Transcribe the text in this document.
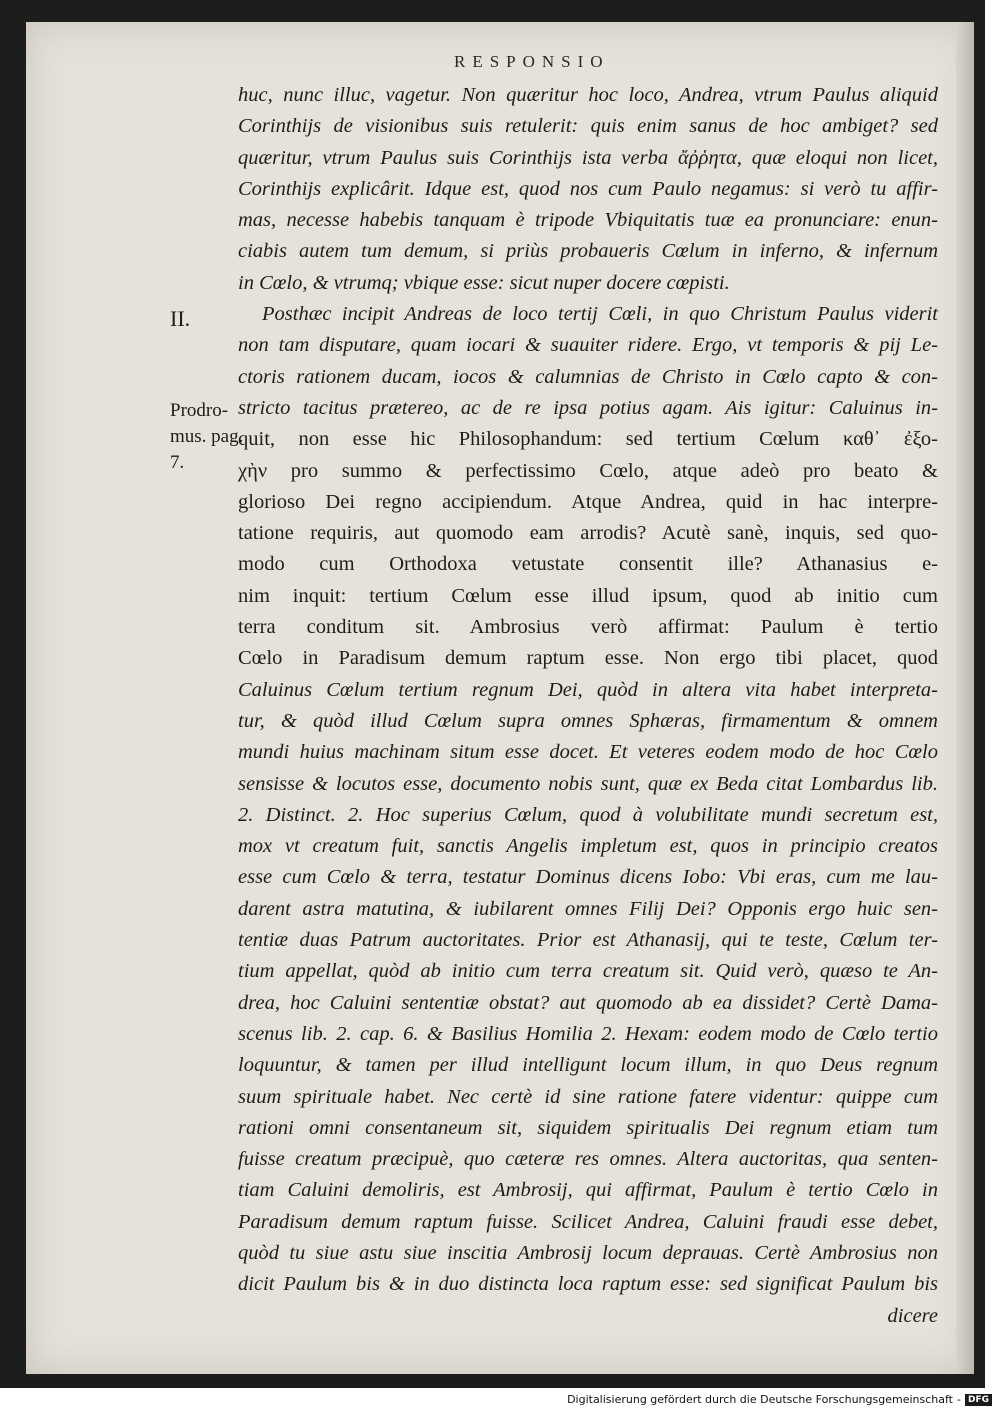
RESPONSIO
II.
Prodro-
mus. pag.
7.
huc, nunc illuc, vagetur. Non quæritur hoc loco, Andrea, vtrum Paulus aliquid
Corinthijs de visionibus suis retulerit: quis enim sanus de hoc ambiget? sed
quæritur, vtrum Paulus suis Corinthijs ista verba ἄῤῥητα, quæ eloqui non licet,
Corinthijs explicârit. Idque est, quod nos cum Paulo negamus: si verò tu affir-
mas, necesse habebis tanquam è tripode Vbiquitatis tuæ ea pronunciare: enun-
ciabis autem tum demum, si priùs probaueris Cœlum in inferno, & infernum
in Cœlo, & vtrumq; vbique esse: sicut nuper docere cœpisti.
Posthæc incipit Andreas de loco tertij Cœli, in quo Christum Paulus viderit
non tam disputare, quam iocari & suauiter ridere. Ergo, vt temporis & pij Le-
ctoris rationem ducam, iocos & calumnias de Christo in Cœlo capto & con-
stricto tacitus prætereo, ac de re ipsa potius agam. Ais igitur: Caluinus in-
quit, non esse hic Philosophandum: sed tertium Cœlum καθ᾽ ἐξο-
χὴν pro summo & perfectissimo Cœlo, atque adeò pro beato &
glorioso Dei regno accipiendum. Atque Andrea, quid in hac interpre-
tatione requiris, aut quomodo eam arrodis? Acutè sanè, inquis, sed quo-
modo cum Orthodoxa vetustate consentit ille? Athanasius e-
nim inquit: tertium Cœlum esse illud ipsum, quod ab initio cum
terra conditum sit. Ambrosius verò affirmat: Paulum è tertio
Cœlo in Paradisum demum raptum esse. Non ergo tibi placet, quod
Caluinus Cœlum tertium regnum Dei, quòd in altera vita habet interpreta-
tur, & quòd illud Cœlum supra omnes Sphæras, firmamentum & omnem
mundi huius machinam situm esse docet. Et veteres eodem modo de hoc Cœlo
sensisse & locutos esse, documento nobis sunt, quæ ex Beda citat Lombardus lib.
2. Distinct. 2. Hoc superius Cœlum, quod à volubilitate mundi secretum est,
mox vt creatum fuit, sanctis Angelis impletum est, quos in principio creatos
esse cum Cœlo & terra, testatur Dominus dicens Iobo: Vbi eras, cum me lau-
darent astra matutina, & iubilarent omnes Filij Dei? Opponis ergo huic sen-
tentiæ duas Patrum auctoritates. Prior est Athanasij, qui te teste, Cœlum ter-
tium appellat, quòd ab initio cum terra creatum sit. Quid verò, quæso te An-
drea, hoc Caluini sententiæ obstat? aut quomodo ab ea dissidet? Certè Dama-
scenus lib. 2. cap. 6. & Basilius Homilia 2. Hexam: eodem modo de Cœlo tertio
loquuntur, & tamen per illud intelligunt locum illum, in quo Deus regnum
suum spirituale habet. Nec certè id sine ratione fatere videntur: quippe cum
rationi omni consentaneum sit, siquidem spiritualis Dei regnum etiam tum
fuisse creatum præcipuè, quo cæteræ res omnes. Altera auctoritas, qua senten-
tiam Caluini demoliris, est Ambrosij, qui affirmat, Paulum è tertio Cœlo in
Paradisum demum raptum fuisse. Scilicet Andrea, Caluini fraudi esse debet,
quòd tu siue astu siue inscitia Ambrosij locum deprauas. Certè Ambrosius non
dicit Paulum bis & in duo distincta loca raptum esse: sed significat Paulum bis
dicere
Digitalisierung gefördert durch die Deutsche Forschungsgemeinschaft - DFG
